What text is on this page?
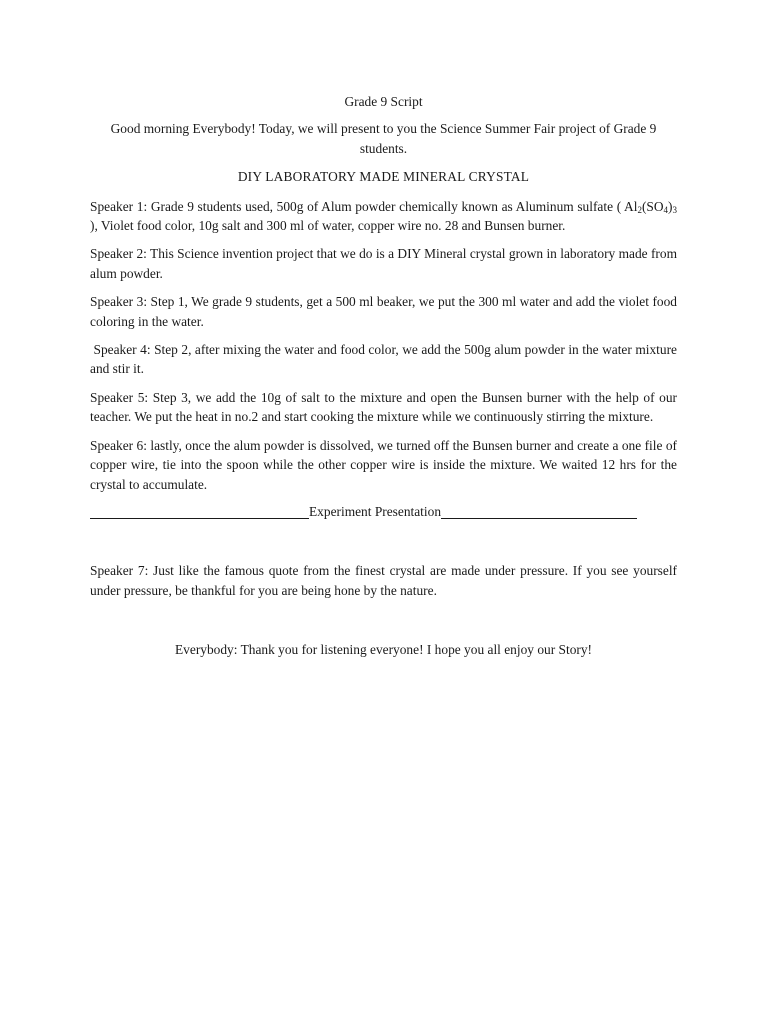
Grade 9 Script

Good morning Everybody! Today, we will present to you the Science Summer Fair project of Grade 9 students.

DIY LABORATORY MADE MINERAL CRYSTAL

Speaker 1: Grade 9 students used, 500g of Alum powder chemically known as Aluminum sulfate ( $Al_2(SO_4)_3$ ), Violet food color, 10g salt and 300 ml of water, copper wire no. 28 and Bunsen burner.

Speaker 2: This Science invention project that we do is a DIY Mineral crystal grown in laboratory made from alum powder.

Speaker 3: Step 1, We grade 9 students, get a 500 ml beaker, we put the 300 ml water and add the violet food coloring in the water.

Speaker 4: Step 2, after mixing the water and food color, we add the 500g alum powder in the water mixture and stir it.

Speaker 5: Step 3, we add the 10g of salt to the mixture and open the Bunsen burner with the help of our teacher. We put the heat in no.2 and start cooking the mixture while we continuously stirring the mixture.

Speaker 6: lastly, once the alum powder is dissolved, we turned off the Bunsen burner and create a one file of copper wire, tie into the spoon while the other copper wire is inside the mixture. We waited 12 hrs for the crystal to accumulate.

Experiment Presentation

Speaker 7: Just like the famous quote from the finest crystal are made under pressure. If you see yourself under pressure, be thankful for you are being hone by the nature.

Everybody: Thank you for listening everyone! I hope you all enjoy our Story!
